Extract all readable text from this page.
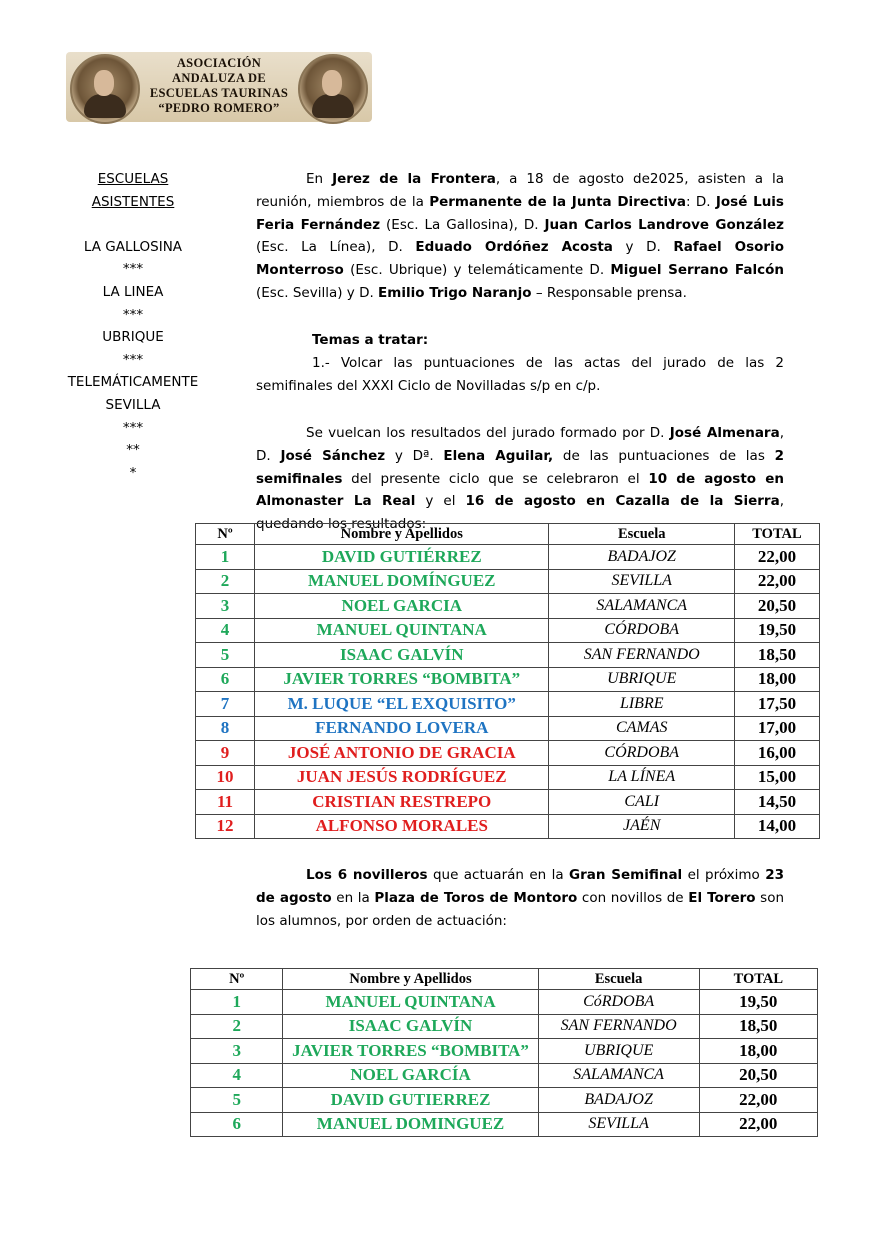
ASOCIACIÓN
ANDALUZA DE
ESCUELAS TAURINAS
“PEDRO ROMERO”
ESCUELAS
ASISTENTES
LA GALLOSINA
***
LA LINEA
***
UBRIQUE
***
TELEMÁTICAMENTE
SEVILLA
***
**
*
En Jerez de la Frontera, a 18 de agosto de2025, asisten a la reunión, miembros de la Permanente de la Junta Directiva: D. José Luis Feria Fernández (Esc. La Gallosina), D. Juan Carlos Landrove González (Esc. La Línea), D. Eduado Ordóñez Acosta y D. Rafael Osorio Monterroso (Esc. Ubrique) y telemáticamente D. Miguel Serrano Falcón (Esc. Sevilla) y D. Emilio Trigo Naranjo – Responsable prensa.
Temas a tratar:
1.- Volcar las puntuaciones de las actas del jurado de las 2 semifinales del XXXI Ciclo de Novilladas s/p en c/p.
Se vuelcan los resultados del jurado formado por D. José Almenara, D. José Sánchez y Dª. Elena Aguilar, de las puntuaciones de las 2 semifinales del presente ciclo que se celebraron el 10 de agosto en Almonaster La Real y el 16 de agosto en Cazalla de la Sierra, quedando los resultados:
Nº	Nombre y Apellidos	Escuela	TOTAL
1	DAVID GUTIÉRREZ	BADAJOZ	22,00
2	MANUEL DOMÍNGUEZ	SEVILLA	22,00
3	NOEL GARCIA	SALAMANCA	20,50
4	MANUEL QUINTANA	CÓRDOBA	19,50
5	ISAAC GALVÍN	SAN FERNANDO	18,50
6	JAVIER TORRES “BOMBITA”	UBRIQUE	18,00
7	M. LUQUE “EL EXQUISITO”	LIBRE	17,50
8	FERNANDO LOVERA	CAMAS	17,00
9	JOSÉ ANTONIO DE GRACIA	CÓRDOBA	16,00
10	JUAN JESÚS RODRÍGUEZ	LA LÍNEA	15,00
11	CRISTIAN RESTREPO	CALI	14,50
12	ALFONSO MORALES	JAÉN	14,00
Los 6 novilleros que actuarán en la Gran Semifinal el próximo 23 de agosto en la Plaza de Toros de Montoro con novillos de El Torero son los alumnos, por orden de actuación:
Nº	Nombre y Apellidos	Escuela	TOTAL
1	MANUEL QUINTANA	CóRDOBA	19,50
2	ISAAC GALVÍN	SAN FERNANDO	18,50
3	JAVIER TORRES “BOMBITA”	UBRIQUE	18,00
4	NOEL GARCÍA	SALAMANCA	20,50
5	DAVID GUTIERREZ	BADAJOZ	22,00
6	MANUEL DOMINGUEZ	SEVILLA	22,00
